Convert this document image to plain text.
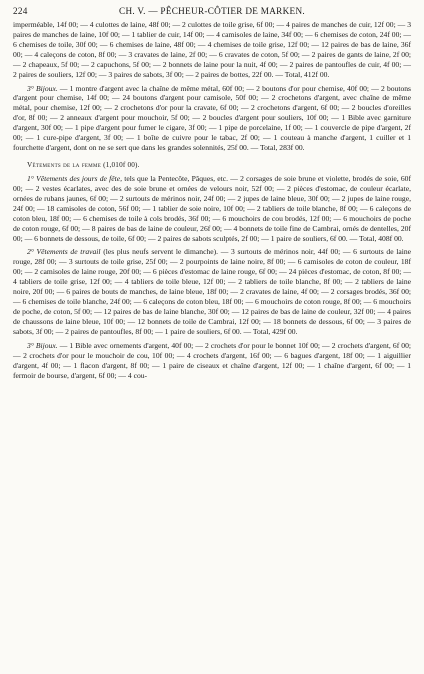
224	CH. V. — PÊCHEUR-CÔTIER DE MARKEN.

imperméable, 14f 00; — 4 culottes de laine, 48f 00; — 2 culottes de toile grise, 6f 00; — 4 paires de manches de cuir, 12f 00; — 3 paires de manches de laine, 10f 00; — 1 tablier de cuir, 14f 00; — 4 camisoles de laine, 34f 00; — 6 chemises de coton, 24f 00; — 6 chemises de toile, 30f 00; — 6 chemises de laine, 48f 00; — 4 chemises de toile grise, 12f 00; — 12 paires de bas de laine, 36f 00; — 4 caleçons de coton, 8f 00; — 3 cravates de laine, 2f 00; — 6 cravates de coton, 5f 00; — 2 paires de gants de laine, 2f 00; — 2 chapeaux, 5f 00; — 2 capuchons, 5f 00; — 2 bonnets de laine pour la nuit, 4f 00; — 2 paires de pantoufles de cuir, 4f 00; — 2 paires de souliers, 12f 00; — 3 paires de sabots, 3f 00; — 2 paires de bottes, 22f 00. — Total, 412f 00.

3° Bijoux. — 1 montre d'argent avec la chaîne de même métal, 60f 00; — 2 boutons d'or pour chemise, 40f 00; — 2 boutons d'argent pour chemise, 14f 00; — 24 boutons d'argent pour camisole, 50f 00; — 2 crochetons d'argent, avec chaîne de même métal, pour chemise, 12f 00; — 2 crochetons d'or pour la cravate, 6f 00; — 2 crochetons d'argent, 6f 00; — 2 boucles d'oreilles d'or, 8f 00; — 2 anneaux d'argent pour mouchoir, 5f 00; — 2 boucles d'argent pour souliers, 10f 00; — 1 Bible avec garniture d'argent, 30f 00; — 1 pipe d'argent pour fumer le cigare, 3f 00; — 1 pipe de porcelaine, 1f 00; — 1 couvercle de pipe d'argent, 2f 00; — 1 cure-pipe d'argent, 3f 00; — 1 boîte de cuivre pour le tabac, 2f 00; — 1 couteau à manche d'argent, 1 cuiller et 1 fourchette d'argent, dont on ne se sert que dans les grandes solennités, 25f 00. — Total, 283f 00.

Vêtements de la femme (1,010f 00).

1° Vêtements des jours de fête, tels que la Pentecôte, Pâques, etc. — 2 corsages de soie brune et violette, brodés de soie, 60f 00; — 2 vestes écarlates, avec des de soie brune et ornées de velours noir, 52f 00; — 2 pièces d'estomac, de couleur écarlate, ornées de rubans jaunes, 6f 00; — 2 surtouts de mérinos noir, 24f 00; — 2 jupes de laine bleue, 30f 00; — 2 jupes de laine rouge, 24f 00; — 18 camisoles de coton, 56f 00; — 1 tablier de soie noire, 10f 00; — 2 tabliers de toile blanche, 8f 00; — 6 caleçons de coton bleu, 18f 00; — 6 chemises de toile à cols brodés, 36f 00; — 6 mouchoirs de cou brodés, 12f 00; — 6 mouchoirs de poche de coton rouge, 6f 00; — 8 paires de bas de laine de couleur, 26f 00; — 4 bonnets de toile fine de Cambrai, ornés de dentelles, 20f 00; — 6 bonnets de dessous, de toile, 6f 00; — 2 paires de sabots sculptés, 2f 00; — 1 paire de souliers, 6f 00. — Total, 408f 00.

2° Vêtements de travail (les plus neufs servent le dimanche). — 3 surtouts de mérinos noir, 44f 00; — 6 surtouts de laine rouge, 28f 00; — 3 surtouts de toile grise, 25f 00; — 2 pourpoints de laine noire, 8f 00; — 6 camisoles de coton de couleur, 18f 00; — 2 camisoles de laine rouge, 20f 00; — 6 pièces d'estomac de laine rouge, 6f 00; — 24 pièces d'estomac, de coton, 8f 00; — 4 tabliers de toile grise, 12f 00; — 4 tabliers de toile bleue, 12f 00; — 2 tabliers de toile blanche, 8f 00; — 2 tabliers de laine noire, 20f 00; — 6 paires de bouts de manches, de laine bleue, 18f 00; — 2 cravates de laine, 4f 00; — 2 corsages brodés, 36f 00; — 6 chemises de toile blanche, 24f 00; — 6 caleçons de coton bleu, 18f 00; — 6 mouchoirs de coton rouge, 8f 00; — 6 mouchoirs de poche, de coton, 5f 00; — 12 paires de bas de laine blanche, 30f 00; — 12 paires de bas de laine de couleur, 32f 00; — 4 paires de chaussons de laine bleue, 10f 00; — 12 bonnets de toile de Cambrai, 12f 00; — 18 bonnets de dessous, 6f 00; — 3 paires de sabots, 3f 00; — 2 paires de pantoufles, 8f 00; — 1 paire de souliers, 6f 00. — Total, 429f 00.

3° Bijoux. — 1 Bible avec ornements d'argent, 40f 00; — 2 crochets d'or pour le bonnet 10f 00; — 2 crochets d'argent, 6f 00; — 2 crochets d'or pour le mouchoir de cou, 10f 00; — 4 crochets d'argent, 16f 00; — 6 bagues d'argent, 18f 00; — 1 aiguillier d'argent, 4f 00; — 1 flacon d'argent, 8f 00; — 1 paire de ciseaux et chaîne d'argent, 12f 00; — 1 chaîne d'argent, 6f 00; — 1 fermoir de bourse, d'argent, 6f 00; — 4 cou-
